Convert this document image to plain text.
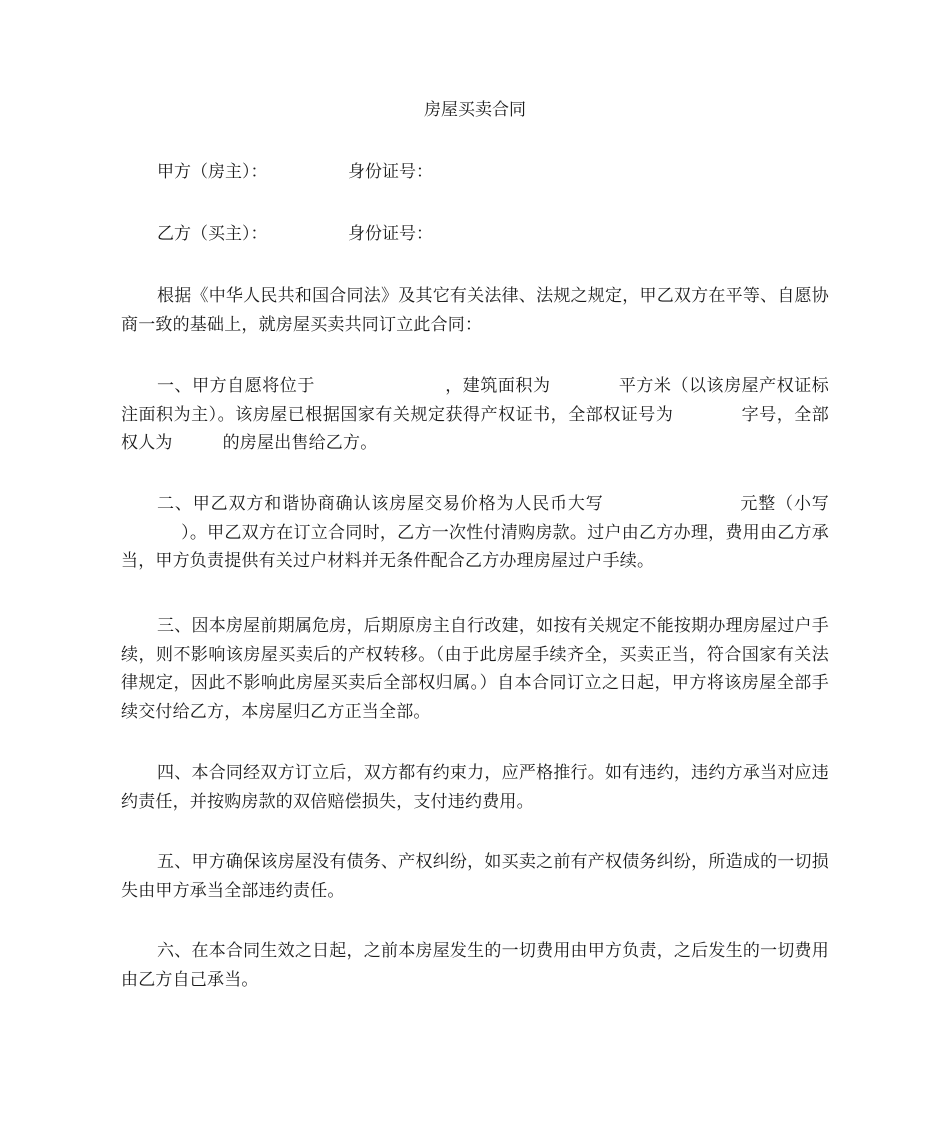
房屋买卖合同
甲方（房主）：	身份证号：
乙方（买主）：	身份证号：

根据《中华人民共和国合同法》及其它有关法律、法规之规定，甲乙双方在平等、自愿协商一致的基础上，就房屋买卖共同订立此合同：

一、甲方自愿将位于	，建筑面积为	平方米（以该房屋产权证标注面积为主）。该房屋已根据国家有关规定获得产权证书，全部权证号为	字号，全部权人为	的房屋出售给乙方。

二、甲乙双方和谐协商确认该房屋交易价格为人民币大写	元整（小写）。甲乙双方在订立合同时，乙方一次性付清购房款。过户由乙方办理，费用由乙方承当，甲方负责提供有关过户材料并无条件配合乙方办理房屋过户手续。

三、因本房屋前期属危房，后期原房主自行改建，如按有关规定不能按期办理房屋过户手续，则不影响该房屋买卖后的产权转移。（由于此房屋手续齐全，买卖正当，符合国家有关法律规定，因此不影响此房屋买卖后全部权归属。）自本合同订立之日起，甲方将该房屋全部手续交付给乙方，本房屋归乙方正当全部。

四、本合同经双方订立后，双方都有约束力，应严格推行。如有违约，违约方承当对应违约责任，并按购房款的双倍赔偿损失，支付违约费用。

五、甲方确保该房屋没有债务、产权纠纷，如买卖之前有产权债务纠纷，所造成的一切损失由甲方承当全部违约责任。

六、在本合同生效之日起，之前本房屋发生的一切费用由甲方负责，之后发生的一切费用由乙方自己承当。
